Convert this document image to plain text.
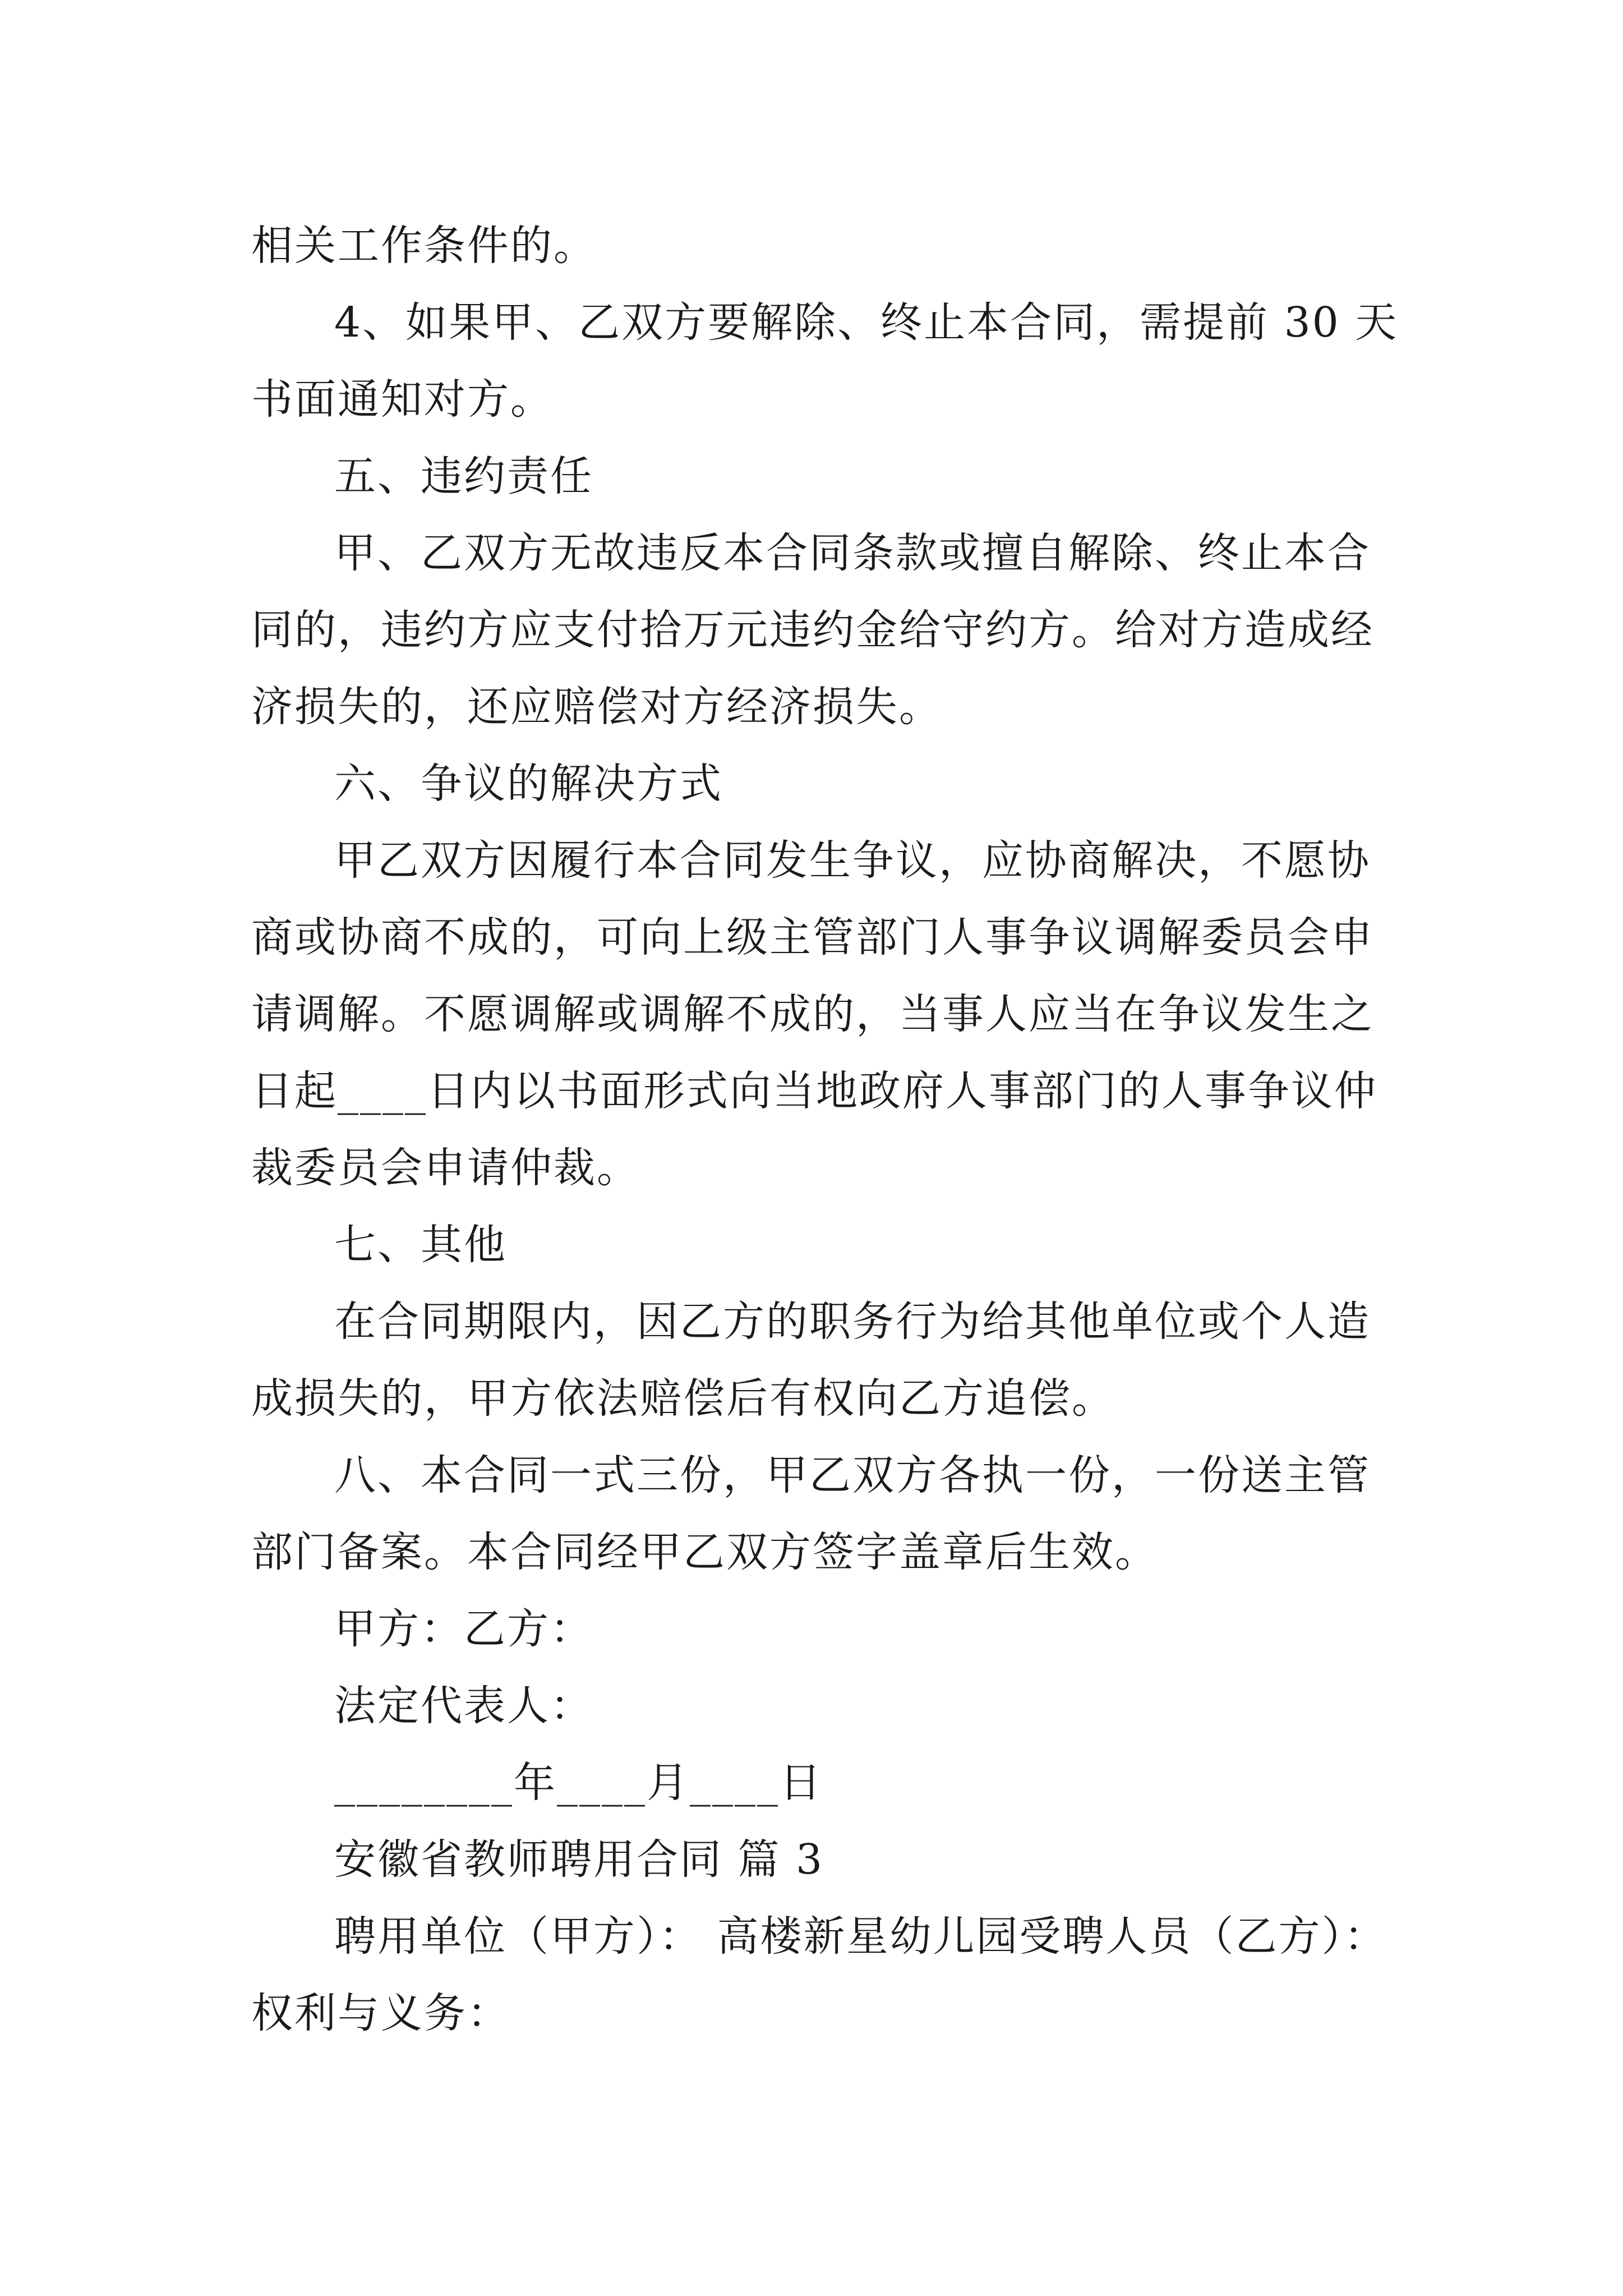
相关工作条件的。
4、如果甲、乙双方要解除、终止本合同，需提前 30 天
书面通知对方。
五、违约责任
甲、乙双方无故违反本合同条款或擅自解除、终止本合
同的，违约方应支付拾万元违约金给守约方。给对方造成经
济损失的，还应赔偿对方经济损失。
六、争议的解决方式
甲乙双方因履行本合同发生争议，应协商解决，不愿协
商或协商不成的，可向上级主管部门人事争议调解委员会申
请调解。不愿调解或调解不成的，当事人应当在争议发生之
日起____日内以书面形式向当地政府人事部门的人事争议仲
裁委员会申请仲裁。
七、其他
在合同期限内，因乙方的职务行为给其他单位或个人造
成损失的，甲方依法赔偿后有权向乙方追偿。
八、本合同一式三份，甲乙双方各执一份，一份送主管
部门备案。本合同经甲乙双方签字盖章后生效。
甲方：乙方：
法定代表人：
________年____月____日
安徽省教师聘用合同 篇 3
聘用单位（甲方）： 高楼新星幼儿园受聘人员（乙方）：
权利与义务：
